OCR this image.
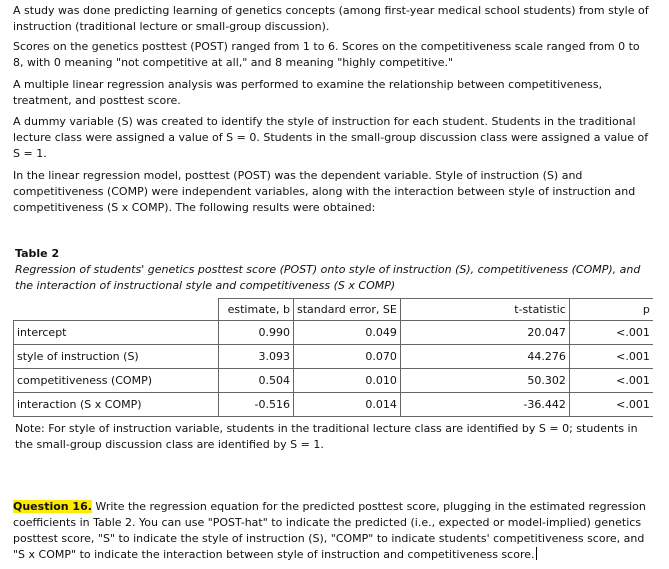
A study was done predicting learning of genetics concepts (among first-year medical school students) from style of instruction (traditional lecture or small-group discussion).

Scores on the genetics posttest (POST) ranged from 1 to 6. Scores on the competitiveness scale ranged from 0 to 8, with 0 meaning "not competitive at all," and 8 meaning "highly competitive."

A multiple linear regression analysis was performed to examine the relationship between competitiveness, treatment, and posttest score.

A dummy variable (S) was created to identify the style of instruction for each student. Students in the traditional lecture class were assigned a value of S = 0. Students in the small-group discussion class were assigned a value of S = 1.

In the linear regression model, posttest (POST) was the dependent variable. Style of instruction (S) and competitiveness (COMP) were independent variables, along with the interaction between style of instruction and competitiveness (S x COMP). The following results were obtained:

Table 2
Regression of students' genetics posttest score (POST) onto style of instruction (S), competitiveness (COMP), and the interaction of instructional style and competitiveness (S x COMP)
	estimate, b	standard error, SE	t-statistic	p
intercept	0.990	0.049	20.047	<.001
style of instruction (S)	3.093	0.070	44.276	<.001
competitiveness (COMP)	0.504	0.010	50.302	<.001
interaction (S x COMP)	-0.516	0.014	-36.442	<.001
Note: For style of instruction variable, students in the traditional lecture class are identified by S = 0; students in the small-group discussion class are identified by S = 1.
Question 16. Write the regression equation for the predicted posttest score, plugging in the estimated regression coefficients in Table 2. You can use "POST-hat" to indicate the predicted (i.e., expected or model-implied) genetics posttest score, "S" to indicate the style of instruction (S), "COMP" to indicate students' competitiveness score, and "S x COMP" to indicate the interaction between style of instruction and competitiveness score.
